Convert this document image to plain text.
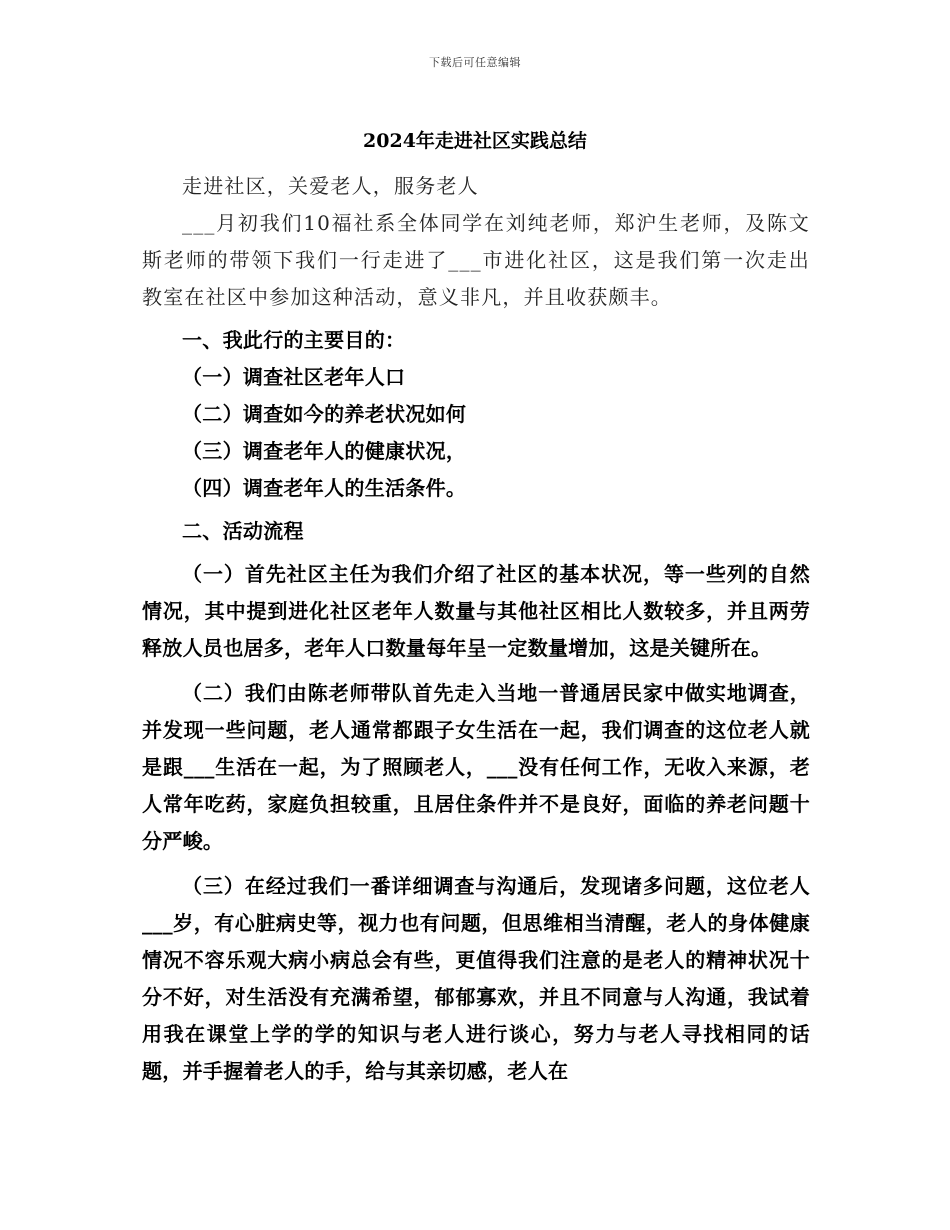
下载后可任意编辑
2024年走进社区实践总结

走进社区，关爱老人，服务老人

___月初我们10福社系全体同学在刘纯老师，郑沪生老师，及陈文斯老师的带领下我们一行走进了___市进化社区，这是我们第一次走出教室在社区中参加这种活动，意义非凡，并且收获颇丰。

一、我此行的主要目的：

（一）调查社区老年人口

（二）调查如今的养老状况如何

（三）调查老年人的健康状况，

（四）调查老年人的生活条件。

二、活动流程

（一）首先社区主任为我们介绍了社区的基本状况，等一些列的自然情况，其中提到进化社区老年人数量与其他社区相比人数较多，并且两劳释放人员也居多，老年人口数量每年呈一定数量增加，这是关键所在。

（二）我们由陈老师带队首先走入当地一普通居民家中做实地调查，并发现一些问题，老人通常都跟子女生活在一起，我们调查的这位老人就是跟___生活在一起，为了照顾老人，___没有任何工作，无收入来源，老人常年吃药，家庭负担较重，且居住条件并不是良好，面临的养老问题十分严峻。

（三）在经过我们一番详细调查与沟通后，发现诸多问题，这位老人___岁，有心脏病史等，视力也有问题，但思维相当清醒，老人的身体健康情况不容乐观大病小病总会有些，更值得我们注意的是老人的精神状况十分不好，对生活没有充满希望，郁郁寡欢，并且不同意与人沟通，我试着用我在课堂上学的学的知识与老人进行谈心，努力与老人寻找相同的话题，并手握着老人的手，给与其亲切感，老人在
